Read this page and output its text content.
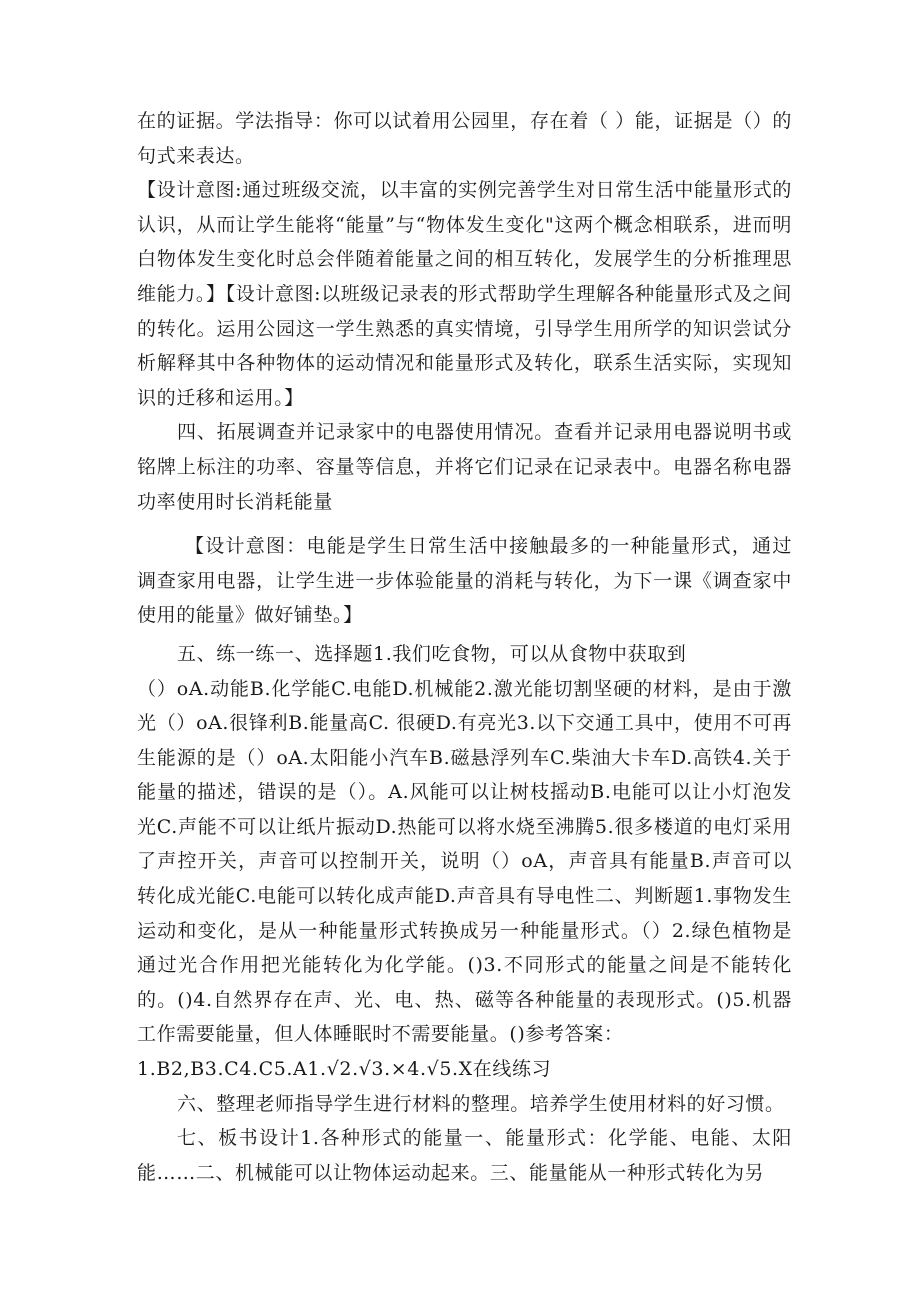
在的证据。学法指导：你可以试着用公园里，存在着（ ）能，证据是（）的句式来表达。

【设计意图:通过班级交流，以丰富的实例完善学生对日常生活中能量形式的认识，从而让学生能将“能量”与“物体发生变化"这两个概念相联系，进而明白物体发生变化时总会伴随着能量之间的相互转化，发展学生的分析推理思维能力。】【设计意图:以班级记录表的形式帮助学生理解各种能量形式及之间的转化。运用公园这一学生熟悉的真实情境，引导学生用所学的知识尝试分析解释其中各种物体的运动情况和能量形式及转化，联系生活实际，实现知识的迁移和运用。】

四、拓展调查并记录家中的电器使用情况。查看并记录用电器说明书或铭牌上标注的功率、容量等信息，并将它们记录在记录表中。电器名称电器功率使用时长消耗能量

【设计意图：电能是学生日常生活中接触最多的一种能量形式，通过调查家用电器，让学生进一步体验能量的消耗与转化，为下一课《调查家中使用的能量》做好铺垫。】

五、练一练一、选择题1.我们吃食物，可以从食物中获取到

（）oA.动能B.化学能C.电能D.机械能2.激光能切割坚硬的材料，是由于激光（）oA.很锋利B.能量高C. 很硬D.有亮光3.以下交通工具中，使用不可再生能源的是（）oA.太阳能小汽车B.磁悬浮列车C.柴油大卡车D.高铁4.关于能量的描述，错误的是（）。A.风能可以让树枝摇动B.电能可以让小灯泡发光C.声能不可以让纸片振动D.热能可以将水烧至沸腾5.很多楼道的电灯采用了声控开关，声音可以控制开关，说明（）oA，声音具有能量B.声音可以转化成光能C.电能可以转化成声能D.声音具有导电性二、判断题1.事物发生运动和变化，是从一种能量形式转换成另一种能量形式。（）2.绿色植物是通过光合作用把光能转化为化学能。()3.不同形式的能量之间是不能转化的。()4.自然界存在声、光、电、热、磁等各种能量的表现形式。()5.机器工作需要能量，但人体睡眠时不需要能量。()参考答案：

1.B2,B3.C4.C5.A1.√2.√3.×4.√5.X在线练习

六、整理老师指导学生进行材料的整理。培养学生使用材料的好习惯。

七、板书设计1.各种形式的能量一、能量形式：化学能、电能、太阳能……二、机械能可以让物体运动起来。三、能量能从一种形式转化为另
